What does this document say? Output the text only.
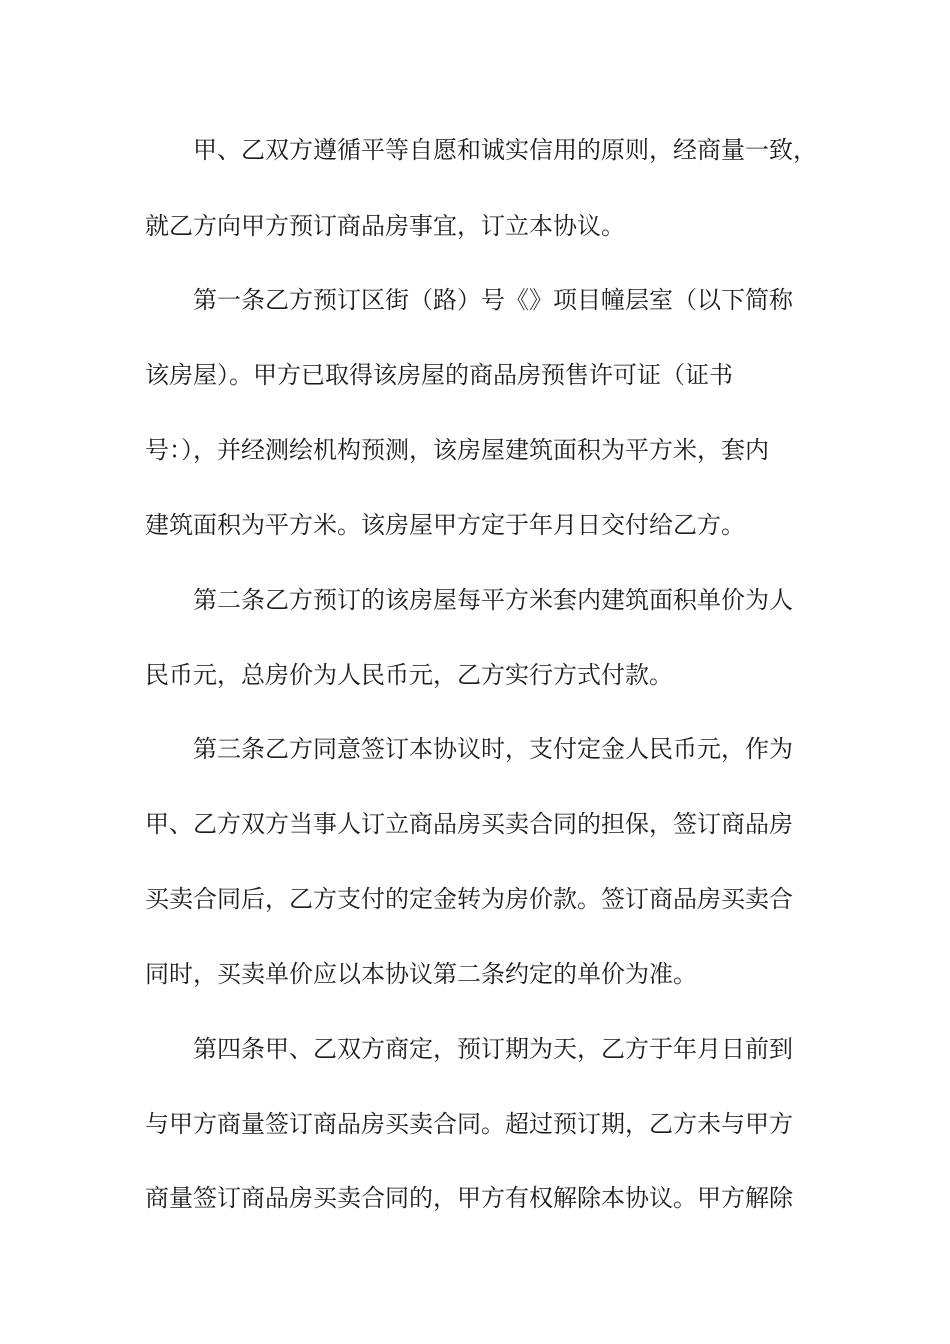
甲、乙双方遵循平等自愿和诚实信用的原则，经商量一致，
就乙方向甲方预订商品房事宜，订立本协议。
第一条乙方预订区街（路）号《》项目幢层室（以下简称
该房屋）。甲方已取得该房屋的商品房预售许可证（证书
号：），并经测绘机构预测，该房屋建筑面积为平方米，套内
建筑面积为平方米。该房屋甲方定于年月日交付给乙方。
第二条乙方预订的该房屋每平方米套内建筑面积单价为人
民币元，总房价为人民币元，乙方实行方式付款。
第三条乙方同意签订本协议时，支付定金人民币元，作为
甲、乙方双方当事人订立商品房买卖合同的担保，签订商品房
买卖合同后，乙方支付的定金转为房价款。签订商品房买卖合
同时，买卖单价应以本协议第二条约定的单价为准。
第四条甲、乙双方商定，预订期为天，乙方于年月日前到
与甲方商量签订商品房买卖合同。超过预订期，乙方未与甲方
商量签订商品房买卖合同的，甲方有权解除本协议。甲方解除
